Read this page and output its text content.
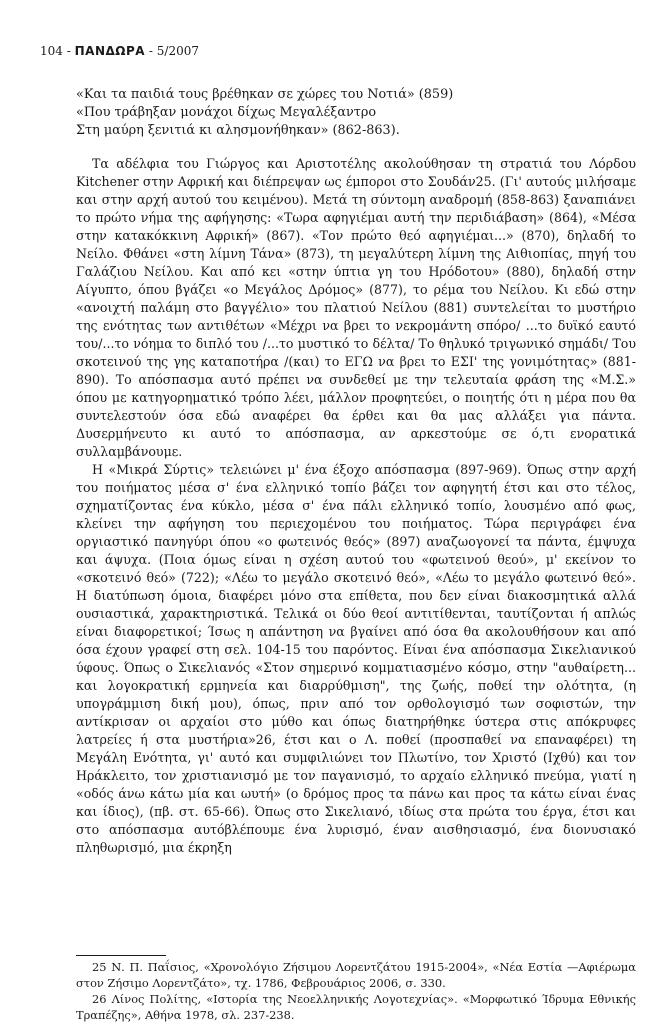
104 - ΠΑΝΔΩΡΑ - 5/2007
«Και τα παιδιά τους βρέθηκαν σε χώρες του Νοτιά» (859)
«Που τράβηξαν μονάχοι δίχως Μεγαλέξαντρο
Στη μαύρη ξενιτιά κι αλησμονήθηκαν» (862-863).

Τα αδέλφια του Γιώργος και Αριστοτέλης ακολούθησαν τη στρατιά του Λόρδου Kitchener στην Αφρική και διέπρεψαν ως έμποροι στο Σουδάν25. (Γι' αυτούς μιλήσαμε και στην αρχή αυτού του κειμένου). Μετά τη σύντομη αναδρομή (858-863) ξαναπιάνει το πρώτο νήμα της αφήγησης: «Τωρα αφηγιέμαι αυτή την περιδιάβαση» (864), «Μέσα στην κατακόκκινη Αφρική» (867). «Τον πρώτο θεό αφηγιέμαι...» (870), δηλαδή το Νείλο. Φθάνει «στη λίμνη Τάνα» (873), τη μεγαλύτερη λίμνη της Αιθιοπίας, πηγή του Γαλάζιου Νείλου. Και από κει «στην ύπτια γη του Ηρόδοτου» (880), δηλαδή στην Αίγυπτο, όπου βγάζει «ο Μεγάλος Δρόμος» (877), το ρέμα του Νείλου. Κι εδώ στην «ανοιχτή παλάμη στο βαγγέλιο» του πλατιού Νείλου (881) συντελείται το μυστήριο της ενότητας των αντιθέτων «Μέχρι να βρει το νεκρομάντη σπόρο/ ...το δυϊκό εαυτό του/...το νόημα το διπλό του /...το μυστικό το δέλτα/ Το θηλυκό τριγωνικό σημάδι/ Του σκοτεινού της γης καταποτήρα /(και) το ΕΓΩ να βρει το ΕΣΙ' της γονιμότητας» (881-890). Το απόσπασμα αυτό πρέπει να συνδεθεί με την τελευταία φράση της «Μ.Σ.» όπου με κατηγορηματικό τρόπο λέει, μάλλον προφητεύει, ο ποιητής ότι η μέρα που θα συντελεστούν όσα εδώ αναφέρει θα έρθει και θα μας αλλάξει για πάντα. Δυσερμήνευτο κι αυτό το απόσπασμα, αν αρκεστούμε σε ό,τι ενορατικά συλλαμβάνουμε.

Η «Μικρά Σύρτις» τελειώνει μ' ένα έξοχο απόσπασμα (897-969). Όπως στην αρχή του ποιήματος μέσα σ' ένα ελληνικό τοπίο βάζει τον αφηγητή έτσι και στο τέλος, σχηματίζοντας ένα κύκλο, μέσα σ' ένα πάλι ελληνικό τοπίο, λουσμένο από φως, κλείνει την αφήγηση του περιεχομένου του ποιήματος. Τώρα περιγράφει ένα οργιαστικό πανηγύρι όπου «ο φωτεινός θεός» (897) αναζωογονεί τα πάντα, έμψυχα και άψυχα. (Ποια όμως είναι η σχέση αυτού του «φωτεινού θεού», μ' εκείνον το «σκοτεινό θεό» (722); «Λέω το μεγάλο σκοτεινό θεό», «Λέω το μεγάλο φωτεινό θεό». Η διατύπωση όμοια, διαφέρει μόνο στα επίθετα, που δεν είναι διακοσμητικά αλλά ουσιαστικά, χαρακτηριστικά. Τελικά οι δύο θεοί αντιτίθενται, ταυτίζονται ή απλώς είναι διαφορετικοί; Ίσως η απάντηση να βγαίνει από όσα θα ακολουθήσουν και από όσα έχουν γραφεί στη σελ. 104-15 του παρόντος. Είναι ένα απόσπασμα Σικελιανικού ύφους. Όπως ο Σικελιανός «Στον σημερινό κομματιασμένο κόσμο, στην "αυθαίρετη... και λογοκρατική ερμηνεία και διαρρύθμιση", της ζωής, ποθεί την ολότητα, (η υπογράμμιση δική μου), όπως, πριν από τον ορθολογισμό των σοφιστών, την αντίκρισαν οι αρχαίοι στο μύθο και όπως διατηρήθηκε ύστερα στις απόκρυφες λατρείες ή στα μυστήρια»26, έτσι και ο Λ. ποθεί (προσπαθεί να επαναφέρει) τη Μεγάλη Ενότητα, γι' αυτό και συμφιλιώνει τον Πλωτίνο, τον Χριστό (Ιχθύ) και τον Ηράκλειτο, τον χριστιανισμό με τον παγανισμό, το αρχαίο ελληνικό πνεύμα, γιατί η «οδός άνω κάτω μία και ωυτή» (ο δρόμος προς τα πάνω και προς τα κάτω είναι ένας και ίδιος), (πβ. στ. 65-66). Όπως στο Σικελιανό, ιδίως στα πρώτα του έργα, έτσι και στο απόσπασμα αυτόβλέπουμε ένα λυρισμό, έναν αισθησιασμό, ένα διονυσιακό πληθωρισμό, μια έκρηξη

25 Ν. Π. Παΐσιος, «Χρονολόγιο Ζήσιμου Λορεντζάτου 1915-2004», «Νέα Εστία —Αφιέρωμα στον Ζήσιμο Λορεντζάτο», τχ. 1786, Φεβρουάριος 2006, σ. 330.

26 Λίνος Πολίτης, «Ιστορία της Νεοελληνικής Λογοτεχνίας». «Μορφωτικό Ίδρυμα Εθνικής Τραπέζης», Αθήνα 1978, σλ. 237-238.
